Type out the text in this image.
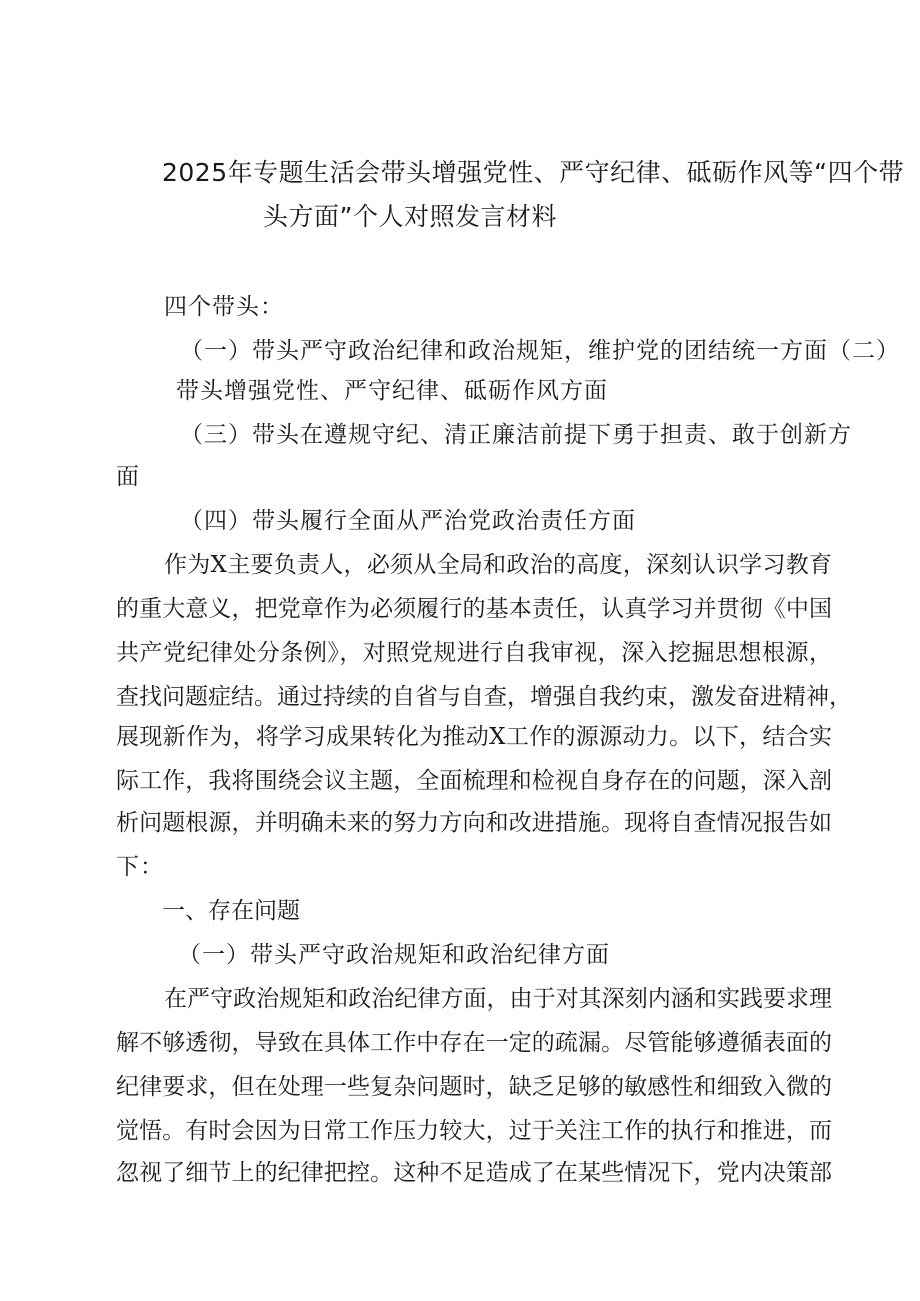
2025年专题生活会带头增强党性、严守纪律、砥砺作风等“四个带
头方面”个人对照发言材料
四个带头：
（一）带头严守政治纪律和政治规矩，维护党的团结统一方面（二）
带头增强党性、严守纪律、砥砺作风方面
（三）带头在遵规守纪、清正廉洁前提下勇于担责、敢于创新方
面
（四）带头履行全面从严治党政治责任方面
作为X主要负责人，必须从全局和政治的高度，深刻认识学习教育
的重大意义，把党章作为必须履行的基本责任，认真学习并贯彻《中国
共产党纪律处分条例》，对照党规进行自我审视，深入挖掘思想根源，
查找问题症结。通过持续的自省与自查，增强自我约束，激发奋进精神，
展现新作为，将学习成果转化为推动X工作的源源动力。以下，结合实
际工作，我将围绕会议主题，全面梳理和检视自身存在的问题，深入剖
析问题根源，并明确未来的努力方向和改进措施。现将自查情况报告如
下：
一、存在问题
（一）带头严守政治规矩和政治纪律方面
在严守政治规矩和政治纪律方面，由于对其深刻内涵和实践要求理
解不够透彻，导致在具体工作中存在一定的疏漏。尽管能够遵循表面的
纪律要求，但在处理一些复杂问题时，缺乏足够的敏感性和细致入微的
觉悟。有时会因为日常工作压力较大，过于关注工作的执行和推进，而
忽视了细节上的纪律把控。这种不足造成了在某些情况下，党内决策部
